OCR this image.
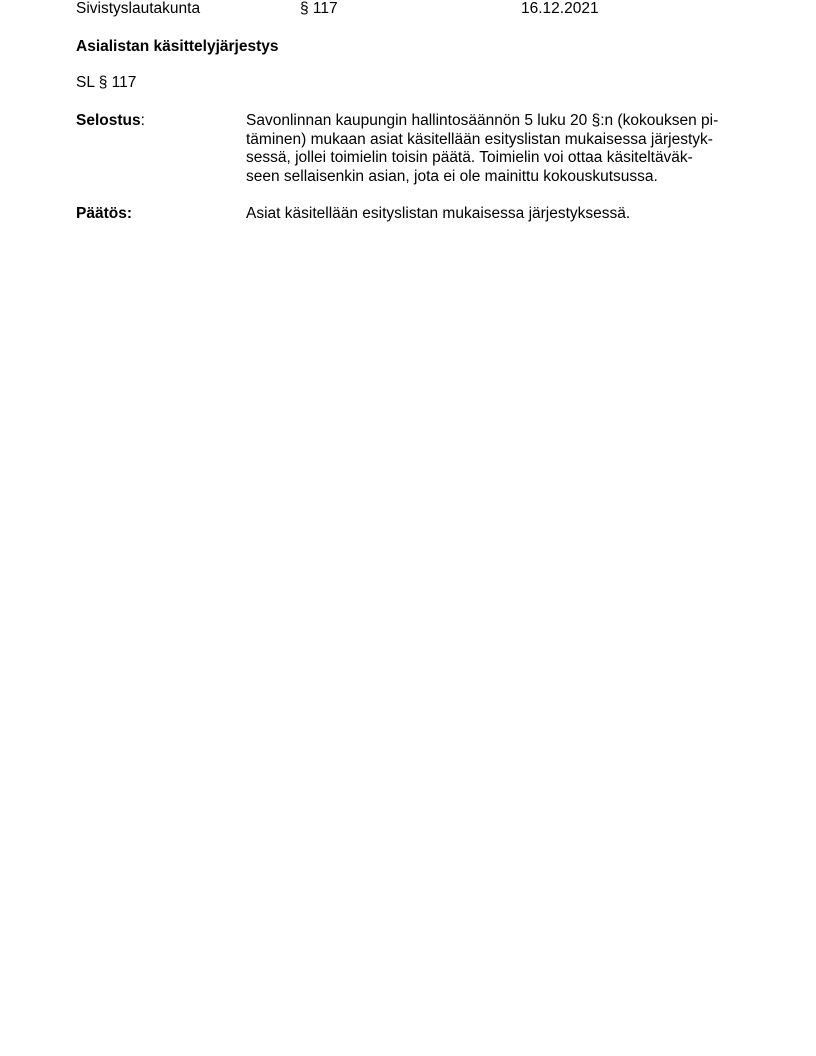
Sivistyslautakunta	§ 117	16.12.2021
Asialistan käsittelyjärjestys
SL § 117
Selostus:	Savonlinnan kaupungin hallintosäännön 5 luku 20 §:n (kokouksen pi-
täminen) mukaan asiat käsitellään esityslistan mukaisessa järjestyk-
sessä, jollei toimielin toisin päätä. Toimielin voi ottaa käsiteltäväk-
seen sellaisenkin asian, jota ei ole mainittu kokouskutsussa.
Päätös:	Asiat käsitellään esityslistan mukaisessa järjestyksessä.
